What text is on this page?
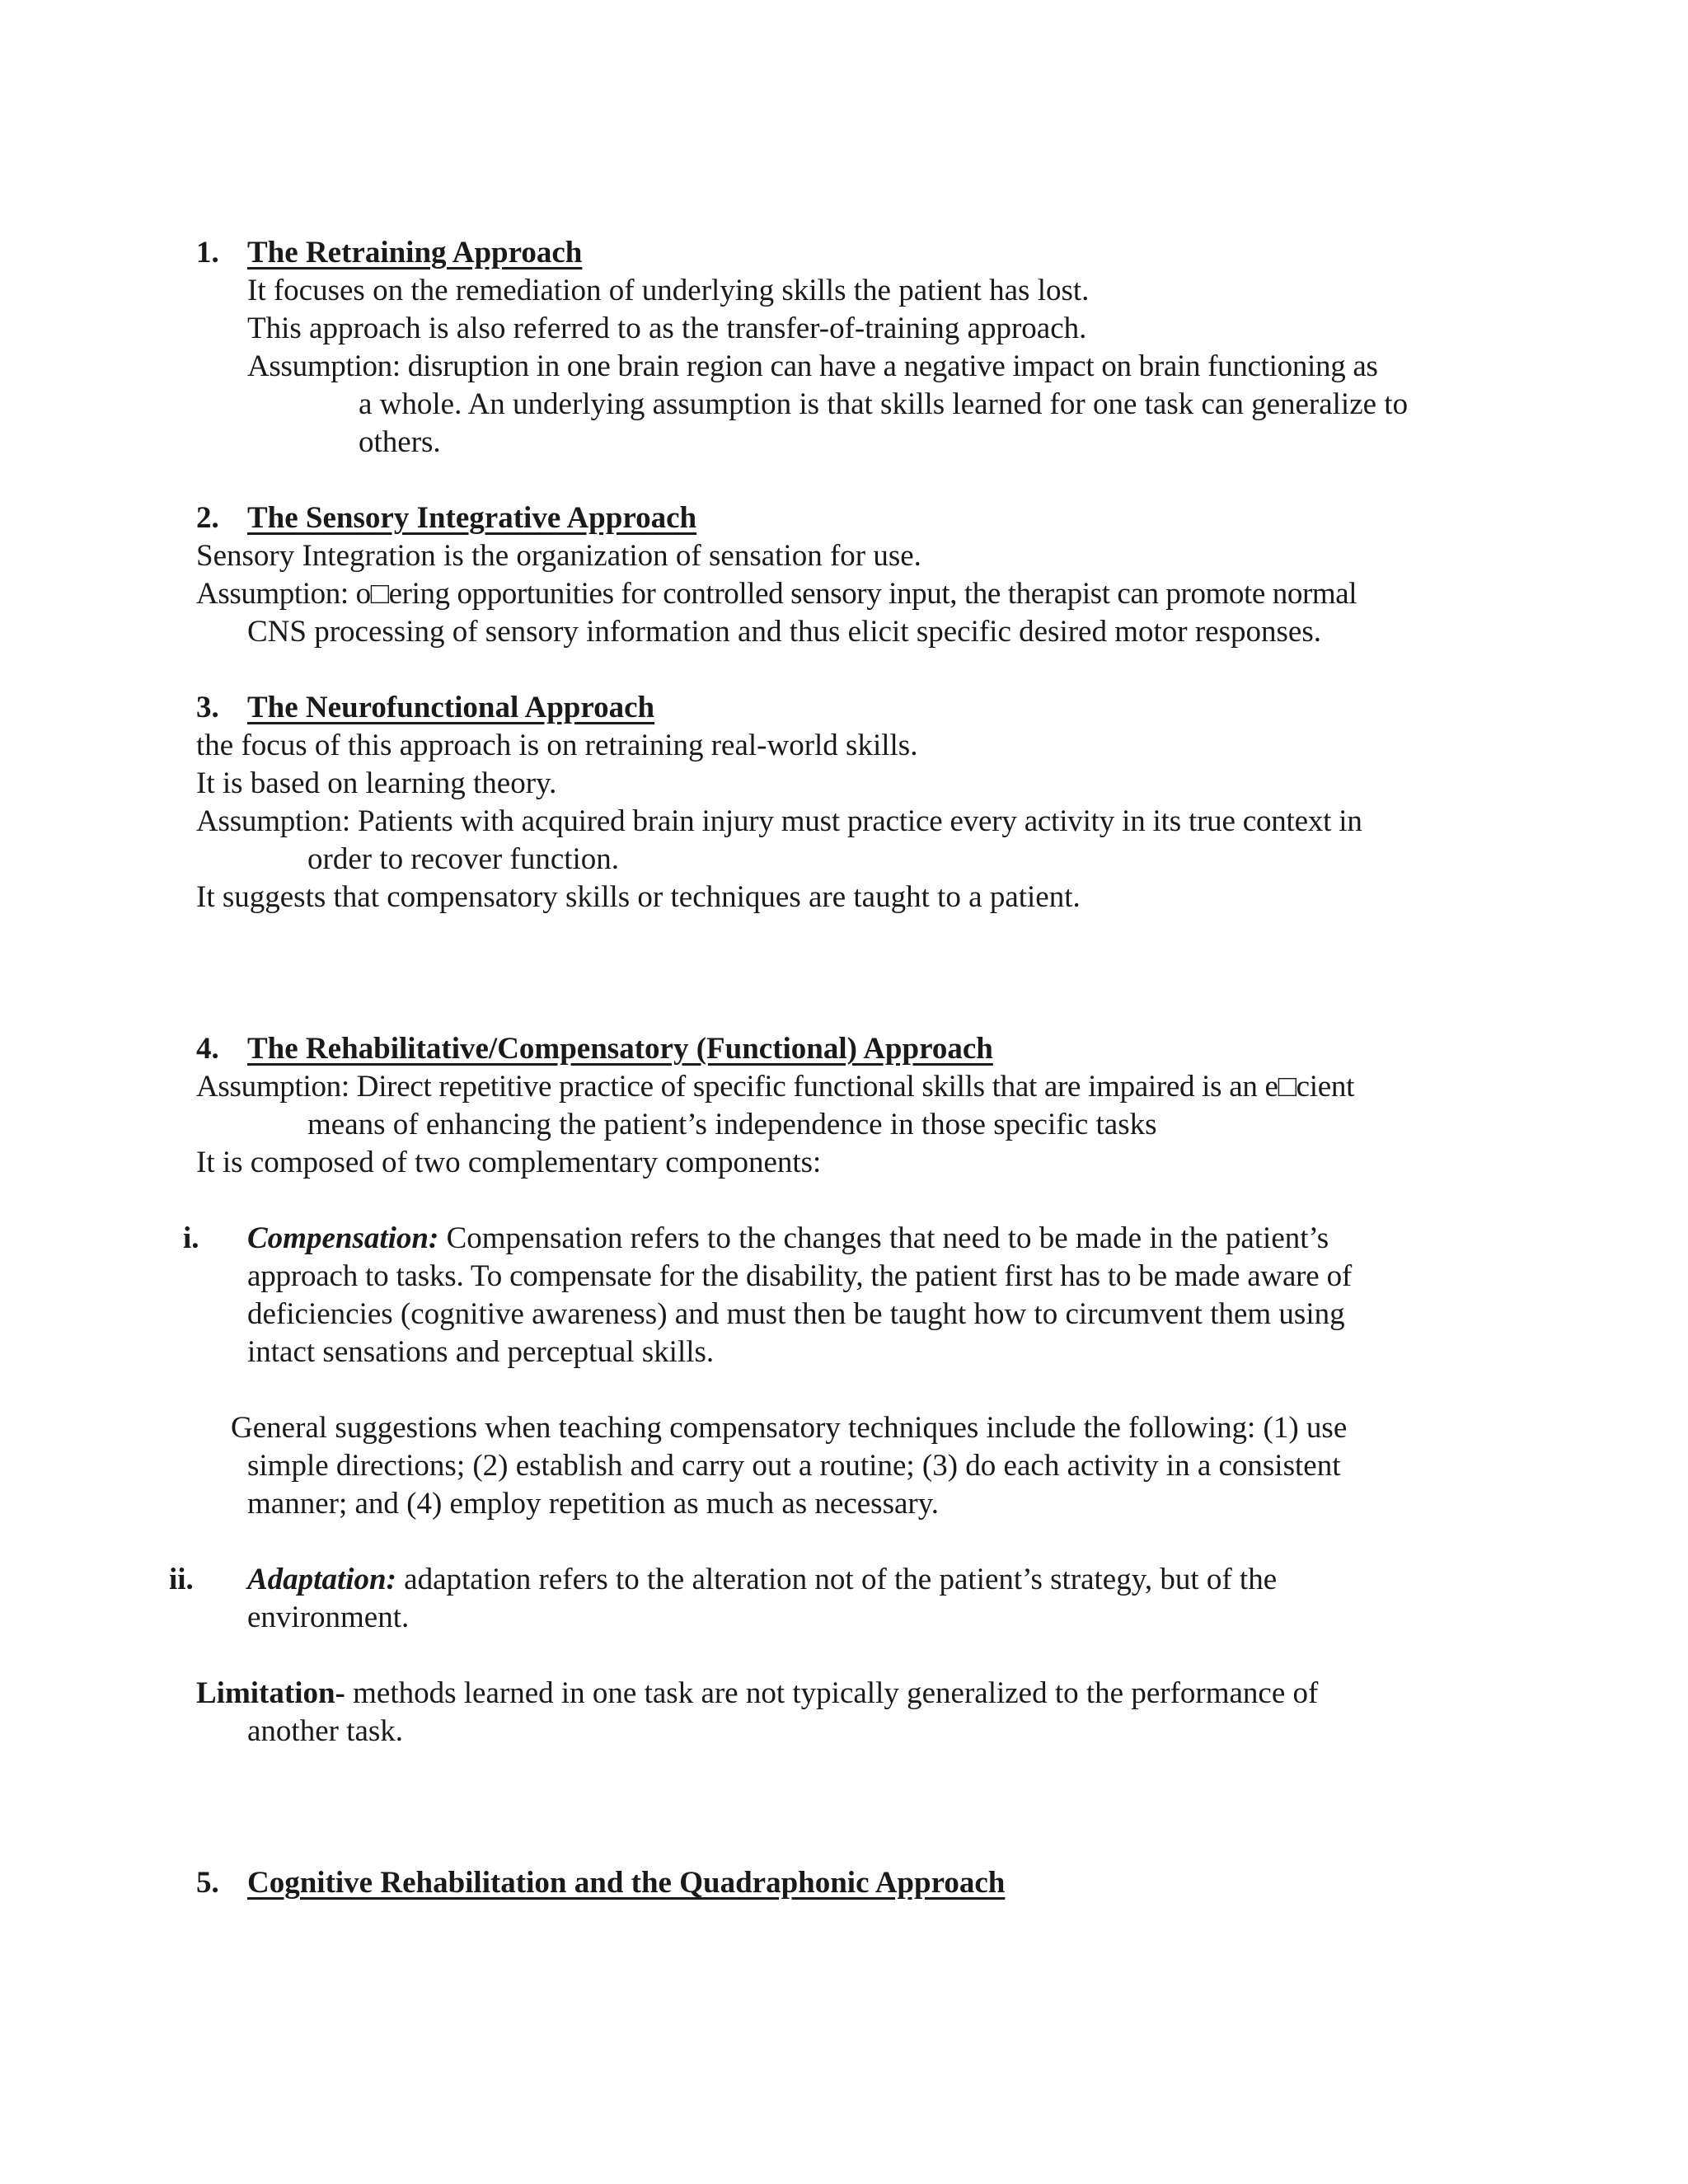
1. The Retraining Approach
It focuses on the remediation of underlying skills the patient has lost.
This approach is also referred to as the transfer-of-training approach.
Assumption: disruption in one brain region can have a negative impact on brain functioning as
a whole. An underlying assumption is that skills learned for one task can generalize to
others.
2. The Sensory Integrative Approach
Sensory Integration is the organization of sensation for use.
Assumption: o□ering opportunities for controlled sensory input, the therapist can promote normal
CNS processing of sensory information and thus elicit specific desired motor responses.
3. The Neurofunctional Approach
the focus of this approach is on retraining real-world skills.
It is based on learning theory.
Assumption: Patients with acquired brain injury must practice every activity in its true context in
order to recover function.
It suggests that compensatory skills or techniques are taught to a patient.
4. The Rehabilitative/Compensatory (Functional) Approach
Assumption: Direct repetitive practice of specific functional skills that are impaired is an e□cient
means of enhancing the patient’s independence in those specific tasks
It is composed of two complementary components:
i. Compensation: Compensation refers to the changes that need to be made in the patient’s
approach to tasks. To compensate for the disability, the patient first has to be made aware of
deficiencies (cognitive awareness) and must then be taught how to circumvent them using
intact sensations and perceptual skills.
General suggestions when teaching compensatory techniques include the following: (1) use
simple directions; (2) establish and carry out a routine; (3) do each activity in a consistent
manner; and (4) employ repetition as much as necessary.
ii. Adaptation: adaptation refers to the alteration not of the patient’s strategy, but of the
environment.
Limitation- methods learned in one task are not typically generalized to the performance of
another task.
5. Cognitive Rehabilitation and the Quadraphonic Approach
